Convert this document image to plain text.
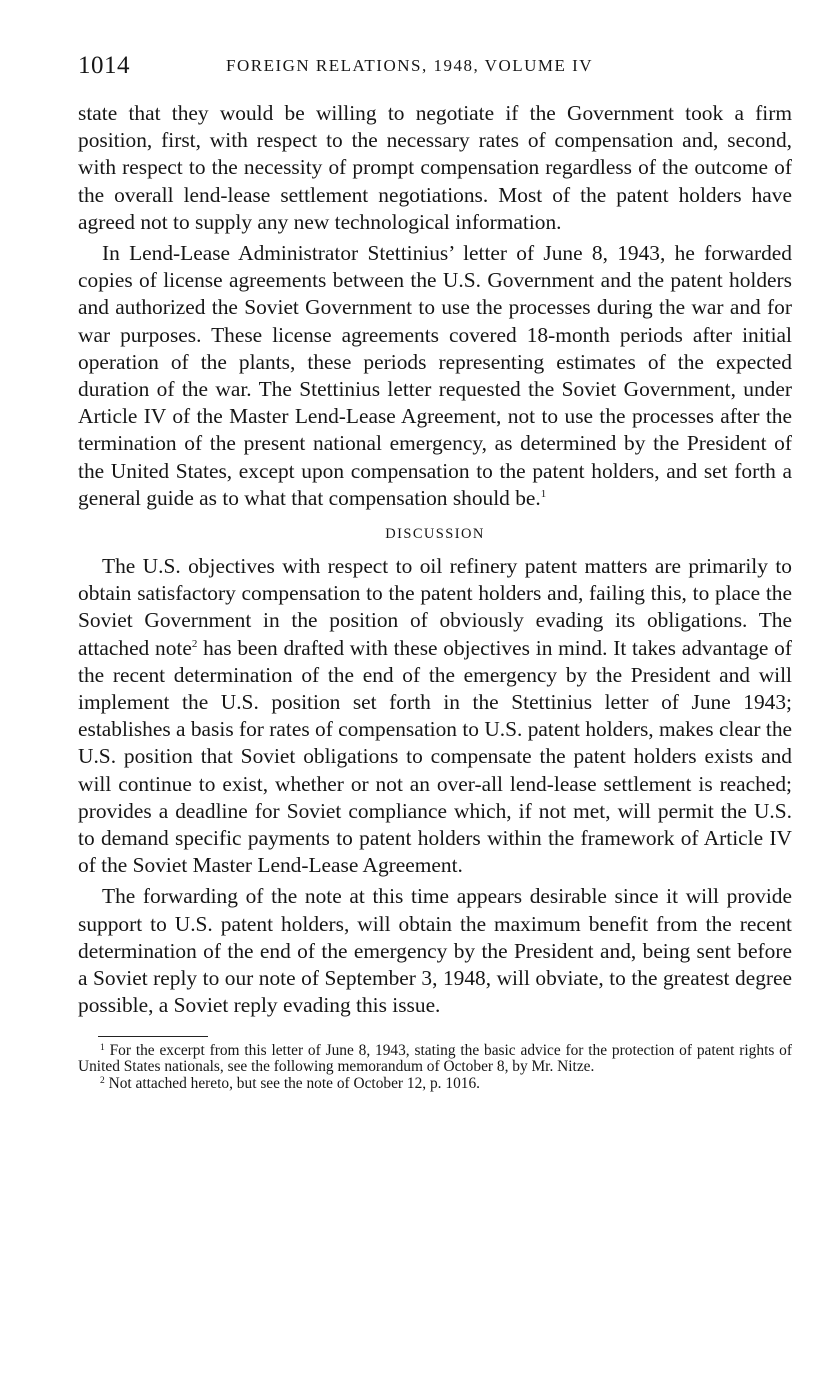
1014	FOREIGN RELATIONS, 1948, VOLUME IV

state that they would be willing to negotiate if the Government took a firm position, first, with respect to the necessary rates of compensation and, second, with respect to the necessity of prompt compensation regardless of the outcome of the overall lend-lease settlement negotiations. Most of the patent holders have agreed not to supply any new technological information.

In Lend-Lease Administrator Stettinius’ letter of June 8, 1943, he forwarded copies of license agreements between the U.S. Government and the patent holders and authorized the Soviet Government to use the processes during the war and for war purposes. These license agreements covered 18-month periods after initial operation of the plants, these periods representing estimates of the expected duration of the war. The Stettinius letter requested the Soviet Government, under Article IV of the Master Lend-Lease Agreement, not to use the processes after the termination of the present national emergency, as determined by the President of the United States, except upon compensation to the patent holders, and set forth a general guide as to what that compensation should be.$^1$

DISCUSSION

The U.S. objectives with respect to oil refinery patent matters are primarily to obtain satisfactory compensation to the patent holders and, failing this, to place the Soviet Government in the position of obviously evading its obligations. The attached note$^2$ has been drafted with these objectives in mind. It takes advantage of the recent determination of the end of the emergency by the President and will implement the U.S. position set forth in the Stettinius letter of June 1943; establishes a basis for rates of compensation to U.S. patent holders, makes clear the U.S. position that Soviet obligations to compensate the patent holders exists and will continue to exist, whether or not an over-all lend-lease settlement is reached; provides a deadline for Soviet compliance which, if not met, will permit the U.S. to demand specific payments to patent holders within the framework of Article IV of the Soviet Master Lend-Lease Agreement.

The forwarding of the note at this time appears desirable since it will provide support to U.S. patent holders, will obtain the maximum benefit from the recent determination of the end of the emergency by the President and, being sent before a Soviet reply to our note of September 3, 1948, will obviate, to the greatest degree possible, a Soviet reply evading this issue.

$^1$ For the excerpt from this letter of June 8, 1943, stating the basic advice for the protection of patent rights of United States nationals, see the following memorandum of October 8, by Mr. Nitze.

$^2$ Not attached hereto, but see the note of October 12, p. 1016.
